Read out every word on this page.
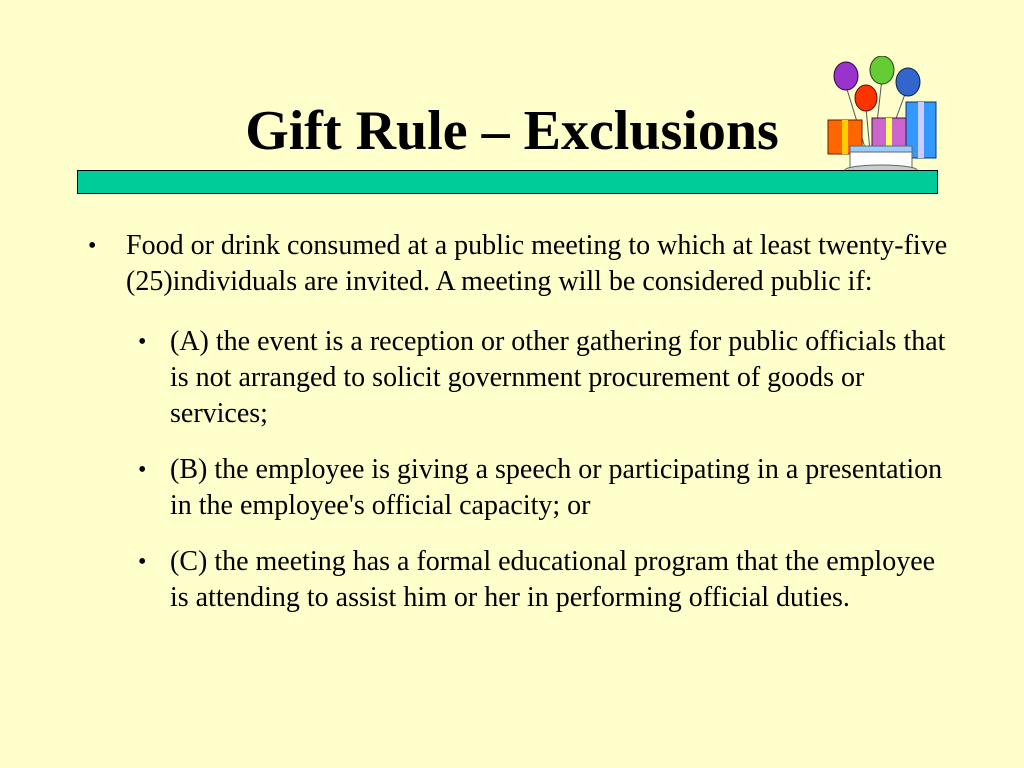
Gift Rule – Exclusions
• Food or drink consumed at a public meeting to which at least twenty-five (25)individuals are invited. A meeting will be considered public if:
• (A) the event is a reception or other gathering for public officials that is not arranged to solicit government procurement of goods or services;
• (B) the employee is giving a speech or participating in a presentation in the employee's official capacity; or
• (C) the meeting has a formal educational program that the employee is attending to assist him or her in performing official duties.
